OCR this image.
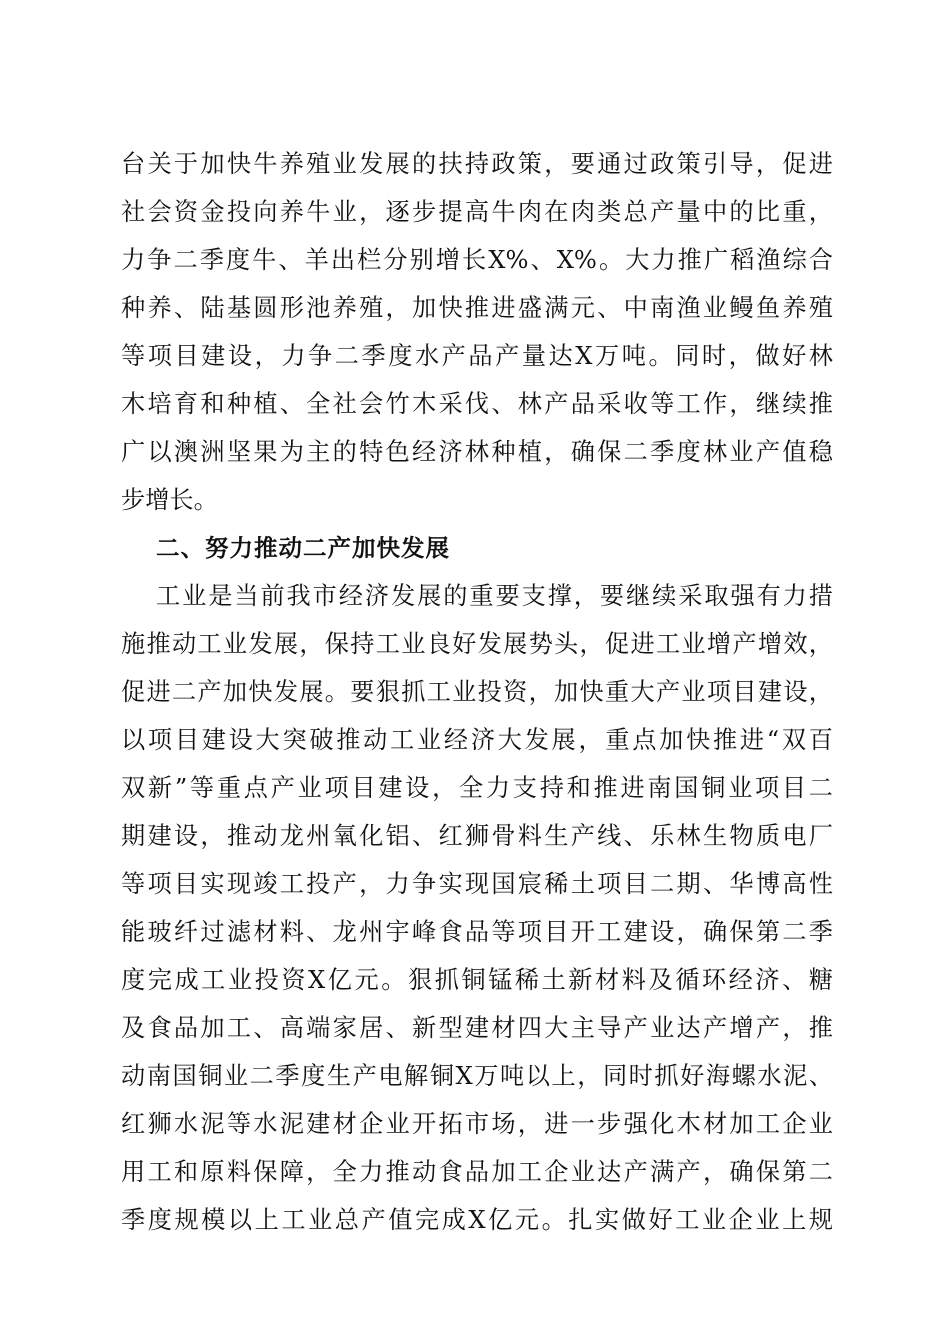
台关于加快牛养殖业发展的扶持政策，要通过政策引导，促进
社会资金投向养牛业，逐步提高牛肉在肉类总产量中的比重，
力争二季度牛、羊出栏分别增长X%、X%。大力推广稻渔综合
种养、陆基圆形池养殖，加快推进盛满元、中南渔业鳗鱼养殖
等项目建设，力争二季度水产品产量达X万吨。同时，做好林
木培育和种植、全社会竹木采伐、林产品采收等工作，继续推
广以澳洲坚果为主的特色经济林种植，确保二季度林业产值稳
步增长。
二、努力推动二产加快发展
工业是当前我市经济发展的重要支撑，要继续采取强有力措
施推动工业发展，保持工业良好发展势头，促进工业增产增效，
促进二产加快发展。要狠抓工业投资，加快重大产业项目建设，
以项目建设大突破推动工业经济大发展，重点加快推进“双百
双新”等重点产业项目建设，全力支持和推进南国铜业项目二
期建设，推动龙州氧化铝、红狮骨料生产线、乐林生物质电厂
等项目实现竣工投产，力争实现国宸稀土项目二期、华博高性
能玻纤过滤材料、龙州宇峰食品等项目开工建设，确保第二季
度完成工业投资X亿元。狠抓铜锰稀土新材料及循环经济、糖
及食品加工、高端家居、新型建材四大主导产业达产增产，推
动南国铜业二季度生产电解铜X万吨以上，同时抓好海螺水泥、
红狮水泥等水泥建材企业开拓市场，进一步强化木材加工企业
用工和原料保障，全力推动食品加工企业达产满产，确保第二
季度规模以上工业总产值完成X亿元。扎实做好工业企业上规
